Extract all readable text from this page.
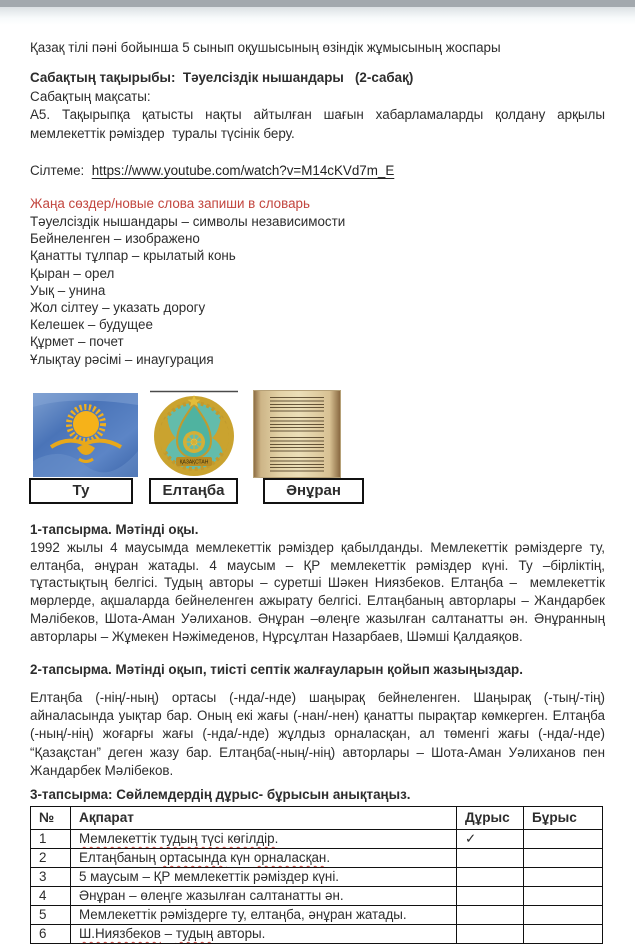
Қазақ тілі пәні бойынша 5 сынып оқушысының өзіндік жұмысының жоспары
Сабақтың тақырыбы: Тәуелсіздік нышандары   (2-сабақ)
Сабақтың мақсаты:
А5. Тақырыпқа қатысты нақты айтылған шағын хабарламаларды қолдану арқылы мемлекеттік рәміздер  туралы түсінік беру.
Сілтеме: https://www.youtube.com/watch?v=M14cKVd7m_E
Жаңа сөздер/новые слова запиши в словарь
Тәуелсіздік нышандары – символы независимости
Бейнеленген – изображено
Қанатты тұлпар – крылатый конь
Қыран – орел
Уық – унина
Жол сілтеу – указать дорогу
Келешек – будущее
Құрмет – почет
Ұлықтау рәсімі – инаугурация
ҚАЗАҚСТАН
Ту	Елтаңба	Әнұран
1-тапсырма. Мәтінді оқы.
1992 жылы 4 маусымда мемлекеттік рәміздер қабылданды. Мемлекеттік рәміздерге ту, елтаңба, әнұран жатады. 4 маусым – ҚР мемлекеттік рәміздер күні. Ту –бірліктің, тұтастықтың белгісі. Тудың авторы – суретші Шәкен Ниязбеков. Елтаңба –  мемлекеттік мөрлерде, ақшаларда бейнеленген ажырату белгісі. Елтаңбаның авторлары – Жандарбек Мәлібеков, Шота-Аман Уәлиханов. Әнұран –өлеңге жазылған салтанатты ән. Әнұранның авторлары – Жұмекен Нәжімеденов, Нұрсұлтан Назарбаев, Шәмші Қалдаяқов.
2-тапсырма. Мәтінді оқып, тиісті септік жалғауларын қойып жазыңыздар.
Елтаңба (-нің/-ның) ортасы (-нда/-нде) шаңырақ бейнеленген. Шаңырақ (-тың/-тің) айналасында уықтар бар. Оның екі жағы (-нан/-нен) қанатты пырақтар көмкерген. Елтаңба (-ның/-нің) жоғарғы жағы (-нда/-нде) жұлдыз орналасқан, ал төменгі жағы (-нда/-нде) “Қазақстан” деген жазу бар. Елтаңба(-ның/-нің) авторлары – Шота-Аман Уәлиханов пен Жандарбек Мәлібеков.
3-тапсырма: Сөйлемдердің дұрыс- бұрысын анықтаңыз.
№	Ақпарат	Дұрыс	Бұрыс
1	Мемлекеттік тудың түсі көгілдір.	✓	
2	Елтаңбаның ортасында күн орналасқан.		
3	5 маусым – ҚР мемлекеттік рәміздер күні.		
4	Әнұран – өлеңге жазылған салтанатты ән.		
5	Мемлекеттік рәміздерге ту, елтаңба, әнұран жатады.		
6	Ш.Ниязбеков – тудың авторы.		
